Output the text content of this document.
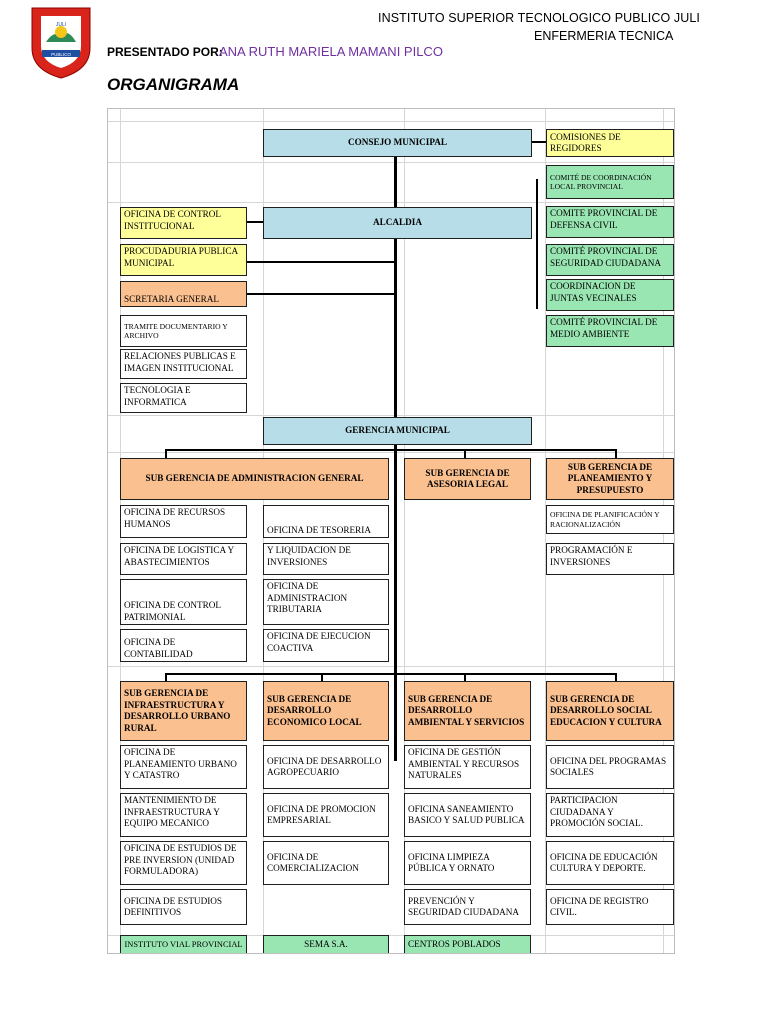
JULI
PUBLICO
INSTITUTO SUPERIOR TECNOLOGICO PUBLICO JULI
ENFERMERIA TECNICA
PRESENTADO POR:
ANA RUTH MARIELA MAMANI PILCO
ORGANIGRAMA
CONSEJO MUNICIPAL
ALCALDIA
GERENCIA MUNICIPAL
COMISIONES DE REGIDORES
COMITÉ DE COORDINACIÓN LOCAL PROVINCIAL
COMITE PROVINCIAL DE DEFENSA CIVIL
COMITÉ PROVINCIAL DE SEGURIDAD CIUDADANA
COORDINACION DE JUNTAS VECINALES
COMITÉ PROVINCIAL DE MEDIO AMBIENTE
OFICINA DE CONTROL INSTITUCIONAL
PROCUDADURIA PUBLICA MUNICIPAL
SCRETARIA GENERAL
TRAMITE DOCUMENTARIO Y ARCHIVO
RELACIONES PUBLICAS E IMAGEN INSTITUCIONAL
TECNOLOGIA E INFORMATICA
SUB GERENCIA DE ADMINISTRACION GENERAL
SUB GERENCIA DE ASESORIA LEGAL
SUB GERENCIA DE PLANEAMIENTO Y PRESUPUESTO
OFICINA DE RECURSOS HUMANOS
OFICINA DE TESORERIA
OFICINA DE LOGISTICA Y ABASTECIMIENTOS
Y LIQUIDACION DE INVERSIONES
OFICINA DE CONTROL PATRIMONIAL
OFICINA DE ADMINISTRACION TRIBUTARIA
OFICINA DE CONTABILIDAD
OFICINA DE EJECUCION COACTIVA
OFICINA DE PLANIFICACIÓN Y RACIONALIZACIÓN
PROGRAMACIÓN E INVERSIONES
SUB GERENCIA DE INFRAESTRUCTURA Y DESARROLLO URBANO RURAL
SUB GERENCIA DE DESARROLLO ECONOMICO LOCAL
SUB GERENCIA DE DESARROLLO AMBIENTAL Y SERVICIOS
SUB GERENCIA DE DESARROLLO SOCIAL EDUCACION Y CULTURA
OFICINA DE PLANEAMIENTO URBANO Y CATASTRO
MANTENIMIENTO DE INFRAESTRUCTURA Y EQUIPO MECANICO
OFICINA DE ESTUDIOS DE PRE INVERSION (UNIDAD FORMULADORA)
OFICINA DE ESTUDIOS DEFINITIVOS
OFICINA DE DESARROLLO AGROPECUARIO
OFICINA DE PROMOCION EMPRESARIAL
OFICINA DE COMERCIALIZACION
OFICINA DE GESTIÓN AMBIENTAL Y RECURSOS NATURALES
OFICINA SANEAMIENTO BASICO Y SALUD PUBLICA
OFICINA LIMPIEZA PÚBLICA Y ORNATO
PREVENCIÓN Y SEGURIDAD CIUDADANA
OFICINA DEL PROGRAMAS SOCIALES
PARTICIPACION CIUDADANA Y PROMOCIÓN SOCIAL.
OFICINA DE EDUCACIÓN CULTURA Y DEPORTE.
OFICINA DE REGISTRO CIVIL.
INSTITUTO VIAL PROVINCIAL	SEMA S.A.	CENTROS POBLADOS
